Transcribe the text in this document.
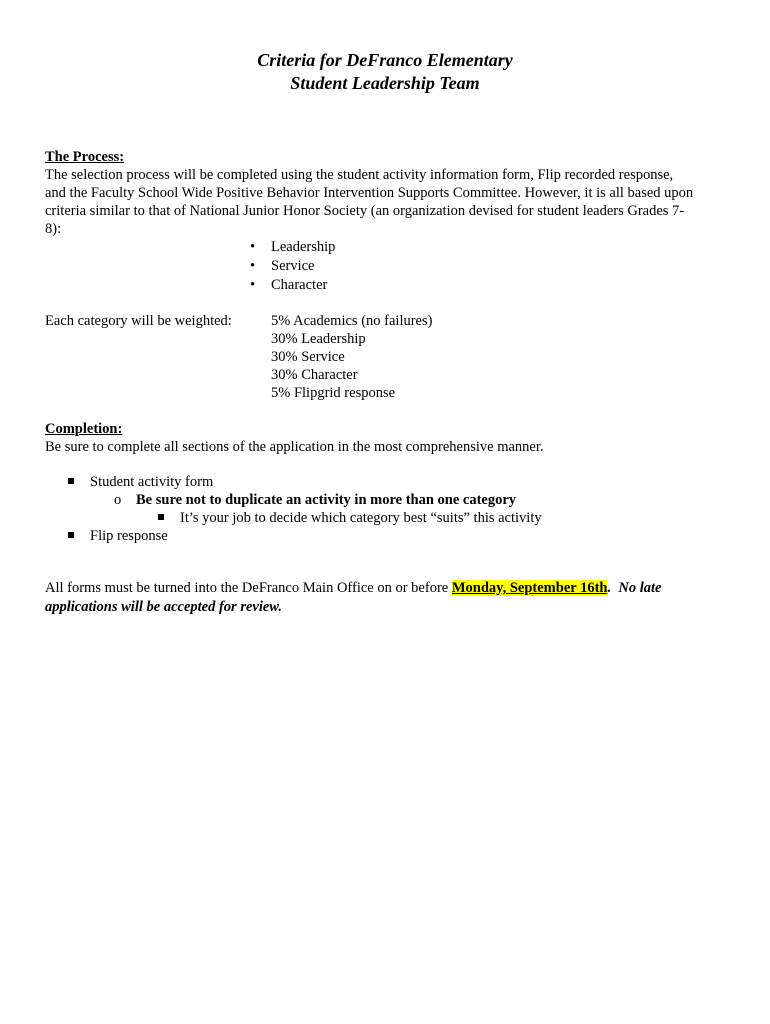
Criteria for DeFranco Elementary
Student Leadership Team
The Process:
The selection process will be completed using the student activity information form, Flip recorded response,
and the Faculty School Wide Positive Behavior Intervention Supports Committee. However, it is all based upon
criteria similar to that of National Junior Honor Society (an organization devised for student leaders Grades 7-
8):
• Leadership
• Service
• Character
Each category will be weighted:	5% Academics (no failures)
30% Leadership
30% Service
30% Character
5% Flipgrid response
Completion:
Be sure to complete all sections of the application in the most comprehensive manner.
Student activity form
o Be sure not to duplicate an activity in more than one category
It’s your job to decide which category best “suits” this activity
Flip response
All forms must be turned into the DeFranco Main Office on or before Monday, September 16th. No late
applications will be accepted for review.
